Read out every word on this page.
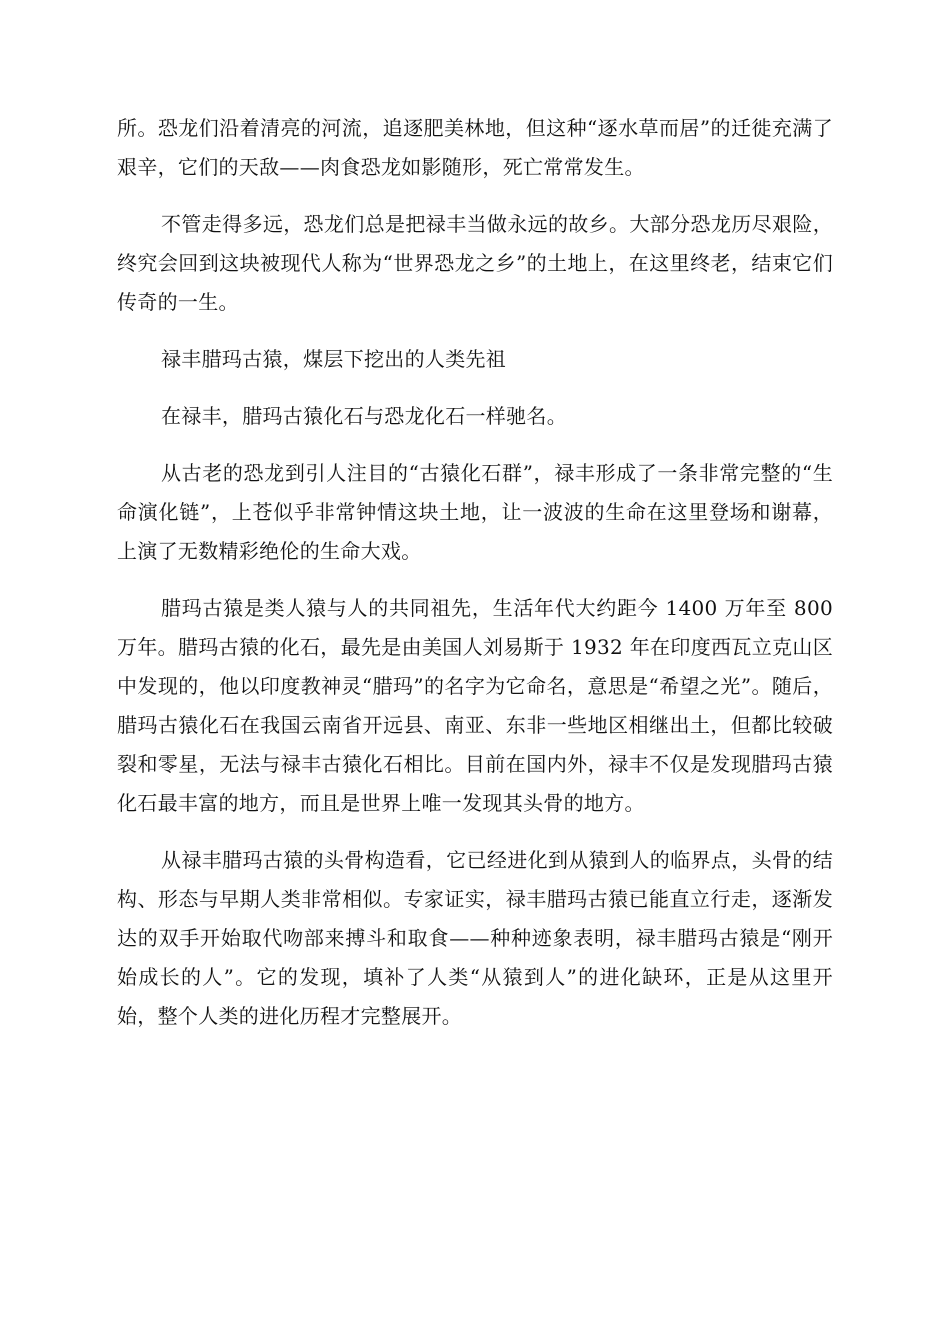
所。恐龙们沿着清亮的河流，追逐肥美林地，但这种“逐水草而居”的迁徙充满了艰辛，它们的天敌——肉食恐龙如影随形，死亡常常发生。

不管走得多远，恐龙们总是把禄丰当做永远的故乡。大部分恐龙历尽艰险，终究会回到这块被现代人称为“世界恐龙之乡”的土地上，在这里终老，结束它们传奇的一生。

禄丰腊玛古猿，煤层下挖出的人类先祖

在禄丰，腊玛古猿化石与恐龙化石一样驰名。

从古老的恐龙到引人注目的“古猿化石群”，禄丰形成了一条非常完整的“生命演化链”，上苍似乎非常钟情这块土地，让一波波的生命在这里登场和谢幕，上演了无数精彩绝伦的生命大戏。

腊玛古猿是类人猿与人的共同祖先，生活年代大约距今 1400 万年至 800 万年。腊玛古猿的化石，最先是由美国人刘易斯于 1932 年在印度西瓦立克山区中发现的，他以印度教神灵“腊玛”的名字为它命名，意思是“希望之光”。随后，腊玛古猿化石在我国云南省开远县、南亚、东非一些地区相继出土，但都比较破裂和零星，无法与禄丰古猿化石相比。目前在国内外，禄丰不仅是发现腊玛古猿化石最丰富的地方，而且是世界上唯一发现其头骨的地方。

从禄丰腊玛古猿的头骨构造看，它已经进化到从猿到人的临界点，头骨的结构、形态与早期人类非常相似。专家证实，禄丰腊玛古猿已能直立行走，逐渐发达的双手开始取代吻部来搏斗和取食——种种迹象表明，禄丰腊玛古猿是“刚开始成长的人”。它的发现，填补了人类“从猿到人”的进化缺环，正是从这里开始，整个人类的进化历程才完整展开。
